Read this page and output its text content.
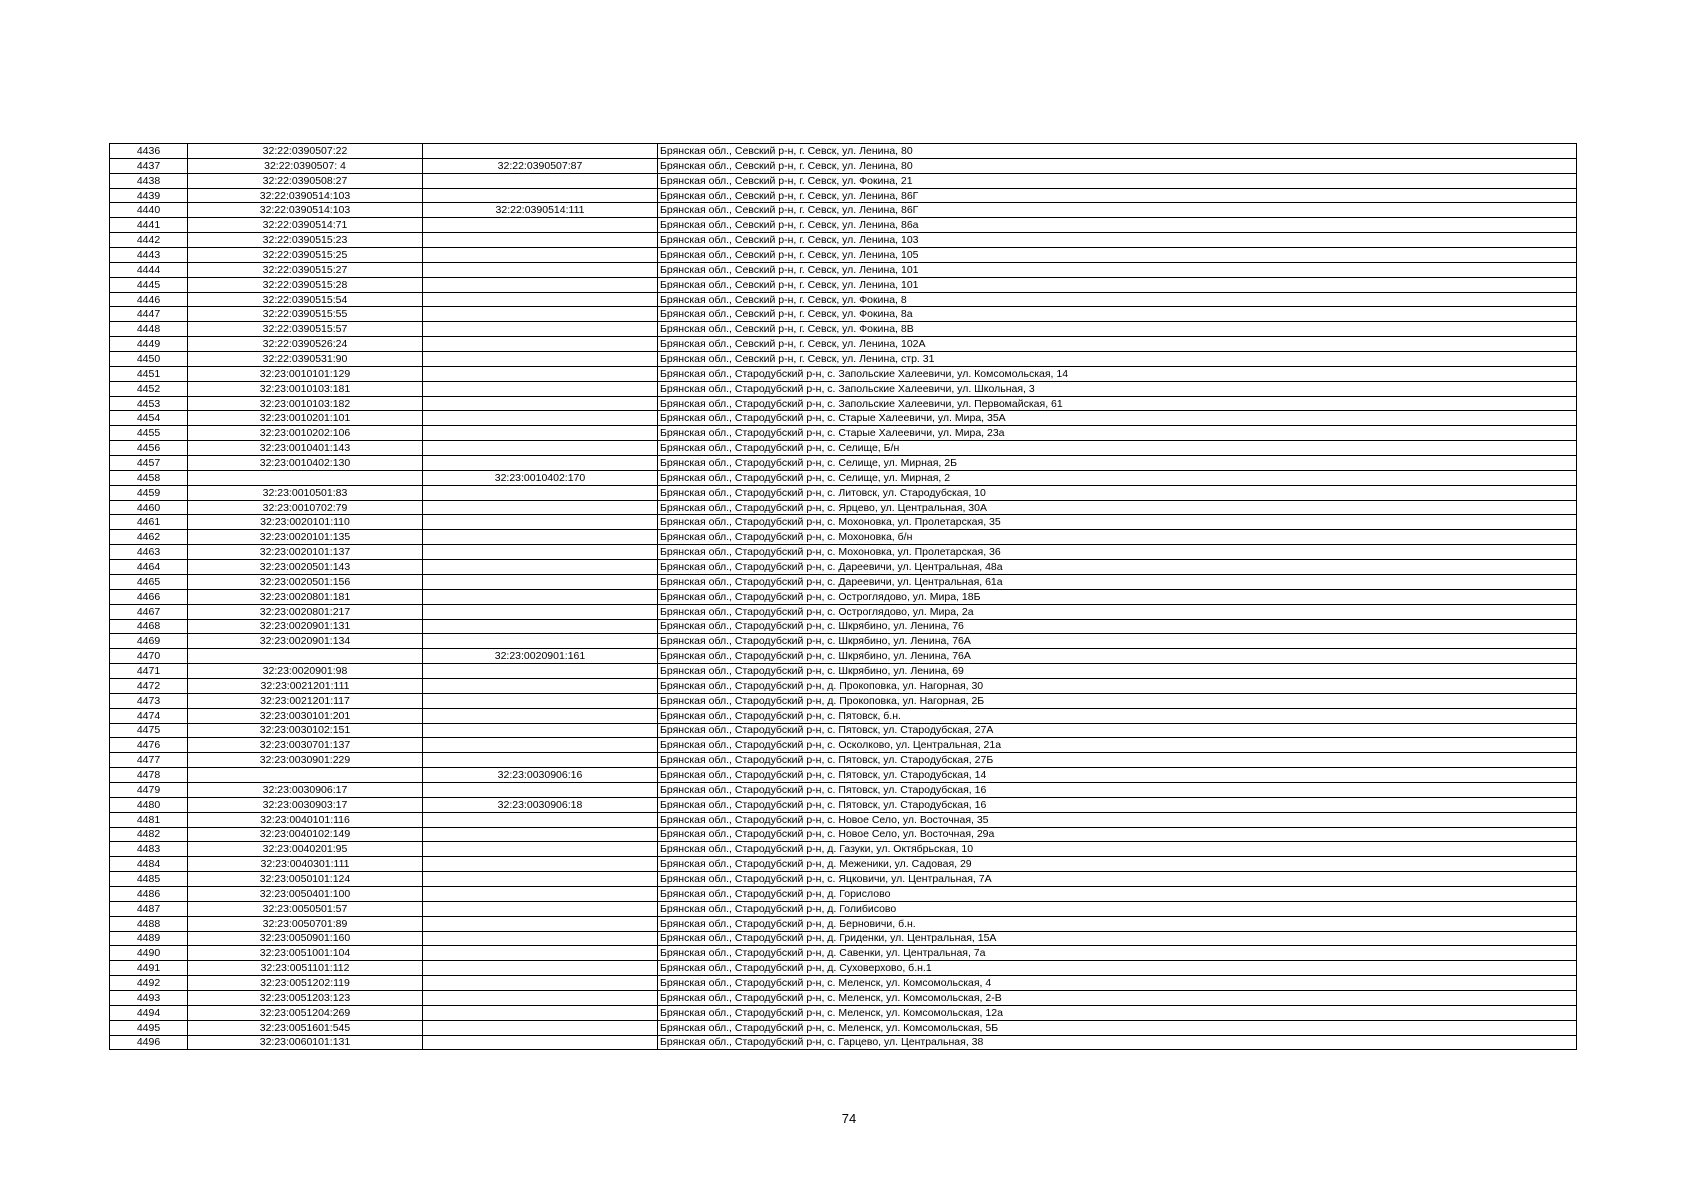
4436	32:22:0390507:22		Брянская обл., Севский р-н, г. Севск, ул. Ленина, 80
4437	32:22:0390507: 4	32:22:0390507:87	Брянская обл., Севский р-н, г. Севск, ул. Ленина, 80
4438	32:22:0390508:27		Брянская обл., Севский р-н, г. Севск, ул. Фокина, 21
4439	32:22:0390514:103		Брянская обл., Севский р-н, г. Севск, ул. Ленина, 86Г
4440	32:22:0390514:103	32:22:0390514:111	Брянская обл., Севский р-н, г. Севск, ул. Ленина, 86Г
4441	32:22:0390514:71		Брянская обл., Севский р-н, г. Севск, ул. Ленина, 86а
4442	32:22:0390515:23		Брянская обл., Севский р-н, г. Севск, ул. Ленина, 103
4443	32:22:0390515:25		Брянская обл., Севский р-н, г. Севск, ул. Ленина, 105
4444	32:22:0390515:27		Брянская обл., Севский р-н, г. Севск, ул. Ленина, 101
4445	32:22:0390515:28		Брянская обл., Севский р-н, г. Севск, ул. Ленина, 101
4446	32:22:0390515:54		Брянская обл., Севский р-н, г. Севск, ул. Фокина, 8
4447	32:22:0390515:55		Брянская обл., Севский р-н, г. Севск, ул. Фокина, 8а
4448	32:22:0390515:57		Брянская обл., Севский р-н, г. Севск, ул. Фокина, 8В
4449	32:22:0390526:24		Брянская обл., Севский р-н, г. Севск, ул. Ленина, 102А
4450	32:22:0390531:90		Брянская обл., Севский р-н, г. Севск, ул. Ленина, стр. 31
4451	32:23:0010101:129		Брянская обл., Стародубский р-н, с. Запольские Халеевичи, ул. Комсомольская, 14
4452	32:23:0010103:181		Брянская обл., Стародубский р-н, с. Запольские Халеевичи, ул. Школьная, 3
4453	32:23:0010103:182		Брянская обл., Стародубский р-н, с. Запольские Халеевичи, ул. Первомайская, 61
4454	32:23:0010201:101		Брянская обл., Стародубский р-н, с. Старые Халеевичи, ул. Мира, 35А
4455	32:23:0010202:106		Брянская обл., Стародубский р-н, с. Старые Халеевичи, ул. Мира, 23а
4456	32:23:0010401:143		Брянская обл., Стародубский р-н, с. Селище, Б/н
4457	32:23:0010402:130		Брянская обл., Стародубский р-н, с. Селище, ул. Мирная, 2Б
4458		32:23:0010402:170	Брянская обл., Стародубский р-н, с. Селище, ул. Мирная, 2
4459	32:23:0010501:83		Брянская обл., Стародубский р-н, с. Литовск, ул. Стародубская, 10
4460	32:23:0010702:79		Брянская обл., Стародубский р-н, с. Ярцево, ул. Центральная, 30А
4461	32:23:0020101:110		Брянская обл., Стародубский р-н, с. Мохоновка, ул. Пролетарская, 35
4462	32:23:0020101:135		Брянская обл., Стародубский р-н, с. Мохоновка, б/н
4463	32:23:0020101:137		Брянская обл., Стародубский р-н, с. Мохоновка, ул. Пролетарская, 36
4464	32:23:0020501:143		Брянская обл., Стародубский р-н, с. Дареевичи, ул. Центральная, 48а
4465	32:23:0020501:156		Брянская обл., Стародубский р-н, с. Дареевичи, ул. Центральная, 61а
4466	32:23:0020801:181		Брянская обл., Стародубский р-н, с. Остроглядово, ул. Мира, 18Б
4467	32:23:0020801:217		Брянская обл., Стародубский р-н, с. Остроглядово, ул. Мира, 2а
4468	32:23:0020901:131		Брянская обл., Стародубский р-н, с. Шкрябино, ул. Ленина, 76
4469	32:23:0020901:134		Брянская обл., Стародубский р-н, с. Шкрябино, ул. Ленина, 76А
4470		32:23:0020901:161	Брянская обл., Стародубский р-н, с. Шкрябино, ул. Ленина, 76А
4471	32:23:0020901:98		Брянская обл., Стародубский р-н, с. Шкрябино, ул. Ленина, 69
4472	32:23:0021201:111		Брянская обл., Стародубский р-н, д. Прокоповка, ул. Нагорная, 30
4473	32:23:0021201:117		Брянская обл., Стародубский р-н, д. Прокоповка, ул. Нагорная, 2Б
4474	32:23:0030101:201		Брянская обл., Стародубский р-н, с. Пятовск, б.н.
4475	32:23:0030102:151		Брянская обл., Стародубский р-н, с. Пятовск, ул. Стародубская, 27А
4476	32:23:0030701:137		Брянская обл., Стародубский р-н, с. Осколково, ул. Центральная, 21а
4477	32:23:0030901:229		Брянская обл., Стародубский р-н, с. Пятовск, ул. Стародубская, 27Б
4478		32:23:0030906:16	Брянская обл., Стародубский р-н, с. Пятовск, ул. Стародубская, 14
4479	32:23:0030906:17		Брянская обл., Стародубский р-н, с. Пятовск, ул. Стародубская, 16
4480	32:23:0030903:17	32:23:0030906:18	Брянская обл., Стародубский р-н, с. Пятовск, ул. Стародубская, 16
4481	32:23:0040101:116		Брянская обл., Стародубский р-н, с. Новое Село, ул. Восточная, 35
4482	32:23:0040102:149		Брянская обл., Стародубский р-н, с. Новое Село, ул. Восточная, 29а
4483	32:23:0040201:95		Брянская обл., Стародубский р-н, д. Газуки, ул. Октябрьская, 10
4484	32:23:0040301:111		Брянская обл., Стародубский р-н, д. Меженики, ул. Садовая, 29
4485	32:23:0050101:124		Брянская обл., Стародубский р-н, с. Яцковичи, ул. Центральная, 7А
4486	32:23:0050401:100		Брянская обл., Стародубский р-н, д. Горислово
4487	32:23:0050501:57		Брянская обл., Стародубский р-н, д. Голибисово
4488	32:23:0050701:89		Брянская обл., Стародубский р-н, д. Берновичи, б.н.
4489	32:23:0050901:160		Брянская обл., Стародубский р-н, д. Гриденки, ул. Центральная, 15А
4490	32:23:0051001:104		Брянская обл., Стародубский р-н, д. Савенки, ул. Центральная, 7а
4491	32:23:0051101:112		Брянская обл., Стародубский р-н, д. Суховерхово, б.н.1
4492	32:23:0051202:119		Брянская обл., Стародубский р-н, с. Меленск, ул. Комсомольская, 4
4493	32:23:0051203:123		Брянская обл., Стародубский р-н, с. Меленск, ул. Комсомольская, 2-В
4494	32:23:0051204:269		Брянская обл., Стародубский р-н, с. Меленск, ул. Комсомольская, 12а
4495	32:23:0051601:545		Брянская обл., Стародубский р-н, с. Меленск, ул. Комсомольская, 5Б
4496	32:23:0060101:131		Брянская обл., Стародубский р-н, с. Гарцево, ул. Центральная, 38
74
